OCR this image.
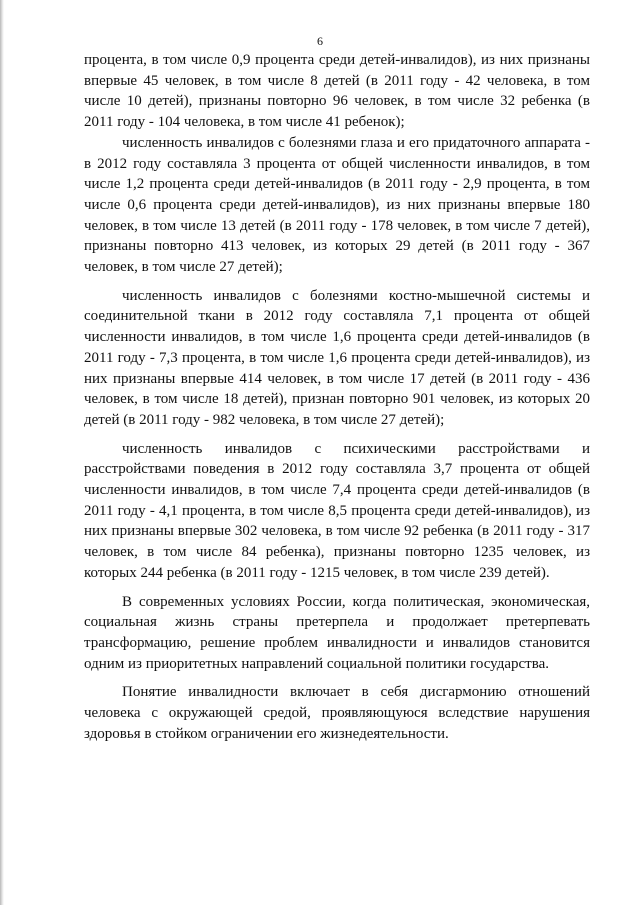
6

процента, в том числе 0,9 процента среди детей-инвалидов), из них признаны впервые 45 человек, в том числе 8 детей (в 2011 году - 42 человека, в том числе 10 детей), признаны повторно 96 человек, в том числе 32 ребенка (в 2011 году - 104 человека, в том числе 41 ребенок);

численность инвалидов с болезнями глаза и его придаточного аппарата - в 2012 году составляла 3 процента от общей численности инвалидов, в том числе 1,2 процента среди детей-инвалидов (в 2011 году - 2,9 процента, в том числе 0,6 процента среди детей-инвалидов), из них признаны впервые 180 человек, в том числе 13 детей (в 2011 году - 178 человек, в том числе 7 детей), признаны повторно 413 человек, из которых 29 детей (в 2011 году - 367 человек, в том числе 27 детей);

численность инвалидов с болезнями костно-мышечной системы и соединительной ткани в 2012 году составляла 7,1 процента от общей численности инвалидов, в том числе 1,6 процента среди детей-инвалидов (в 2011 году - 7,3 процента, в том числе 1,6 процента среди детей-инвалидов), из них признаны впервые 414 человек, в том числе 17 детей (в 2011 году - 436 человек, в том числе 18 детей), признан повторно 901 человек, из которых 20 детей (в 2011 году - 982 человека, в том числе 27 детей);

численность инвалидов с психическими расстройствами и расстройствами поведения в 2012 году составляла 3,7 процента от общей численности инвалидов, в том числе 7,4 процента среди детей-инвалидов (в 2011 году - 4,1 процента, в том числе 8,5 процента среди детей-инвалидов), из них признаны впервые 302 человека, в том числе 92 ребенка (в 2011 году - 317 человек, в том числе 84 ребенка), признаны повторно 1235 человек, из которых 244 ребенка (в 2011 году - 1215 человек, в том числе 239 детей).

В современных условиях России, когда политическая, экономическая, социальная жизнь страны претерпела и продолжает претерпевать трансформацию, решение проблем инвалидности и инвалидов становится одним из приоритетных направлений социальной политики государства.

Понятие инвалидности включает в себя дисгармонию отношений человека с окружающей средой, проявляющуюся вследствие нарушения здоровья в стойком ограничении его жизнедеятельности.
